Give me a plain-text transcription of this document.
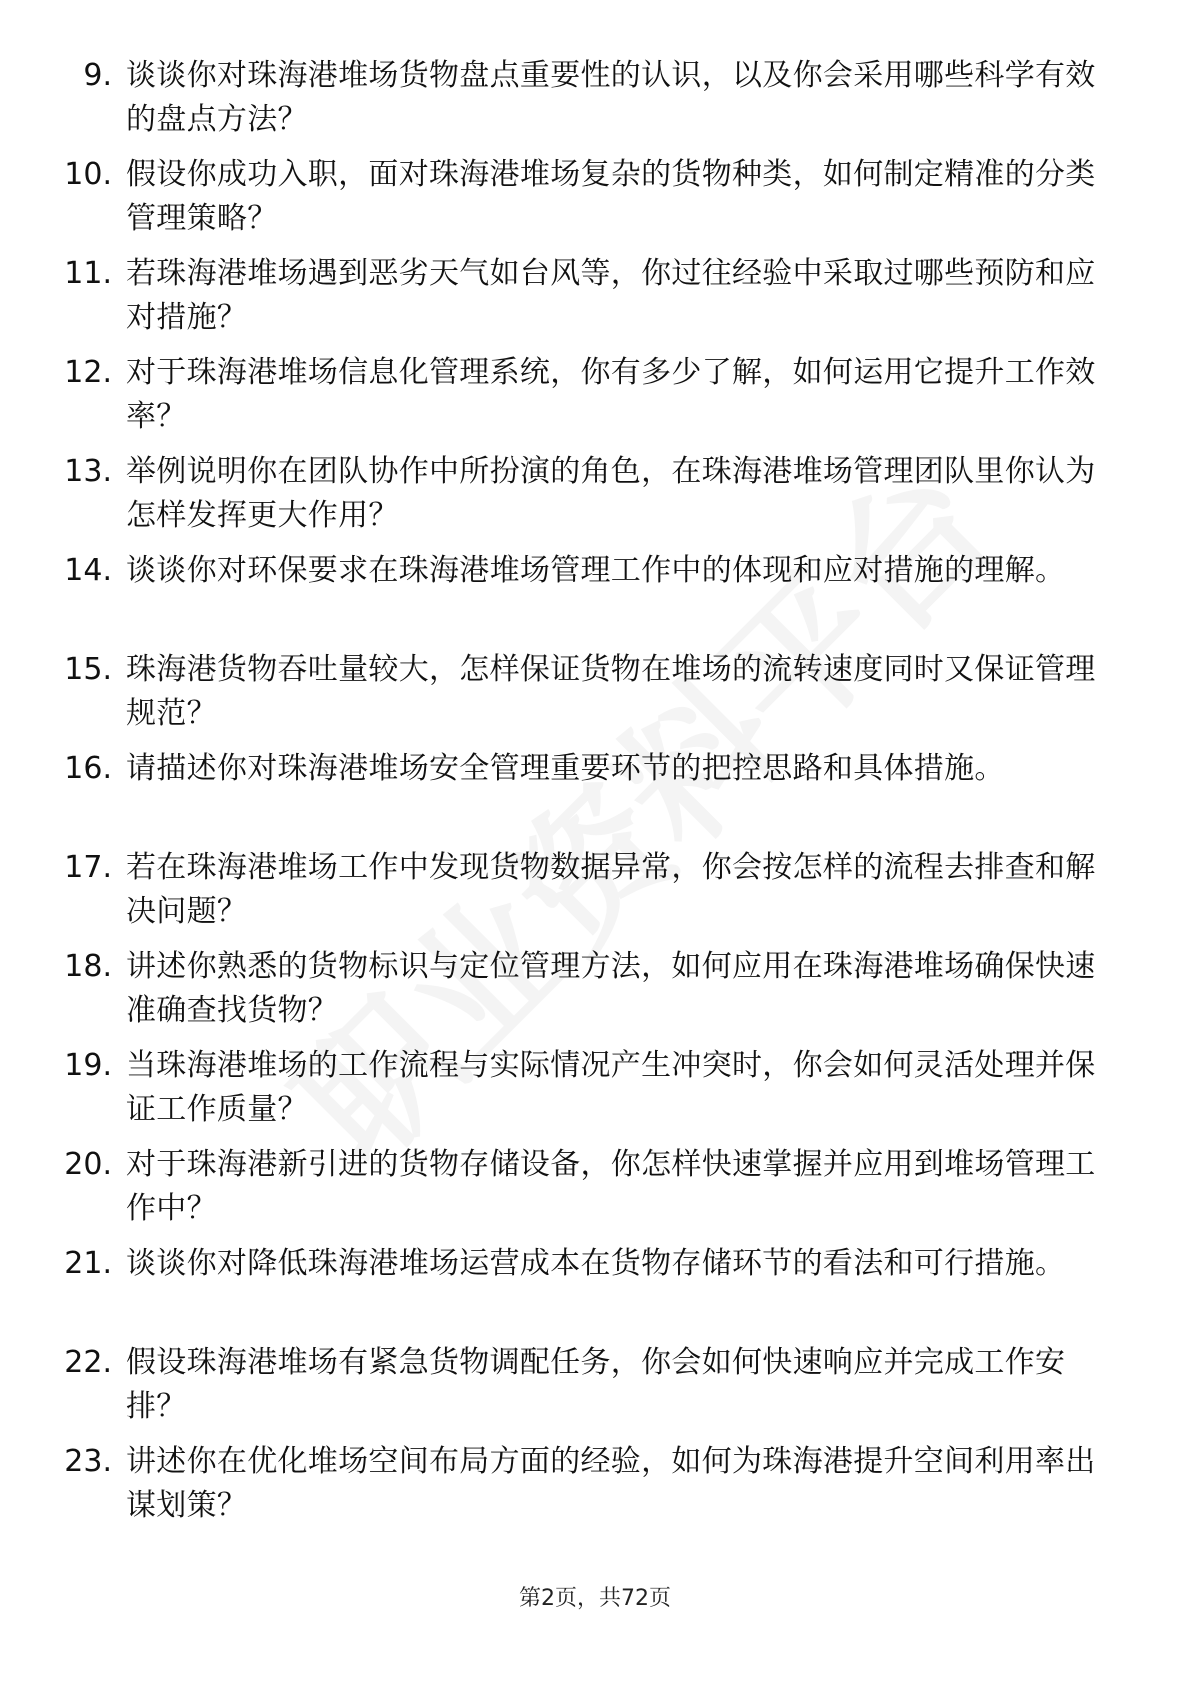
9. 谈谈你对珠海港堆场货物盘点重要性的认识，以及你会采用哪些科学有效的盘点方法？
10. 假设你成功入职，面对珠海港堆场复杂的货物种类，如何制定精准的分类管理策略？
11. 若珠海港堆场遇到恶劣天气如台风等，你过往经验中采取过哪些预防和应对措施？
12. 对于珠海港堆场信息化管理系统，你有多少了解，如何运用它提升工作效率？
13. 举例说明你在团队协作中所扮演的角色，在珠海港堆场管理团队里你认为怎样发挥更大作用？
14. 谈谈你对环保要求在珠海港堆场管理工作中的体现和应对措施的理解。
15. 珠海港货物吞吐量较大，怎样保证货物在堆场的流转速度同时又保证管理规范？
16. 请描述你对珠海港堆场安全管理重要环节的把控思路和具体措施。
17. 若在珠海港堆场工作中发现货物数据异常，你会按怎样的流程去排查和解决问题？
18. 讲述你熟悉的货物标识与定位管理方法，如何应用在珠海港堆场确保快速准确查找货物？
19. 当珠海港堆场的工作流程与实际情况产生冲突时，你会如何灵活处理并保证工作质量？
20. 对于珠海港新引进的货物存储设备，你怎样快速掌握并应用到堆场管理工作中？
21. 谈谈你对降低珠海港堆场运营成本在货物存储环节的看法和可行措施。
22. 假设珠海港堆场有紧急货物调配任务，你会如何快速响应并完成工作安排？
23. 讲述你在优化堆场空间布局方面的经验，如何为珠海港提升空间利用率出谋划策？
第2页，共72页
